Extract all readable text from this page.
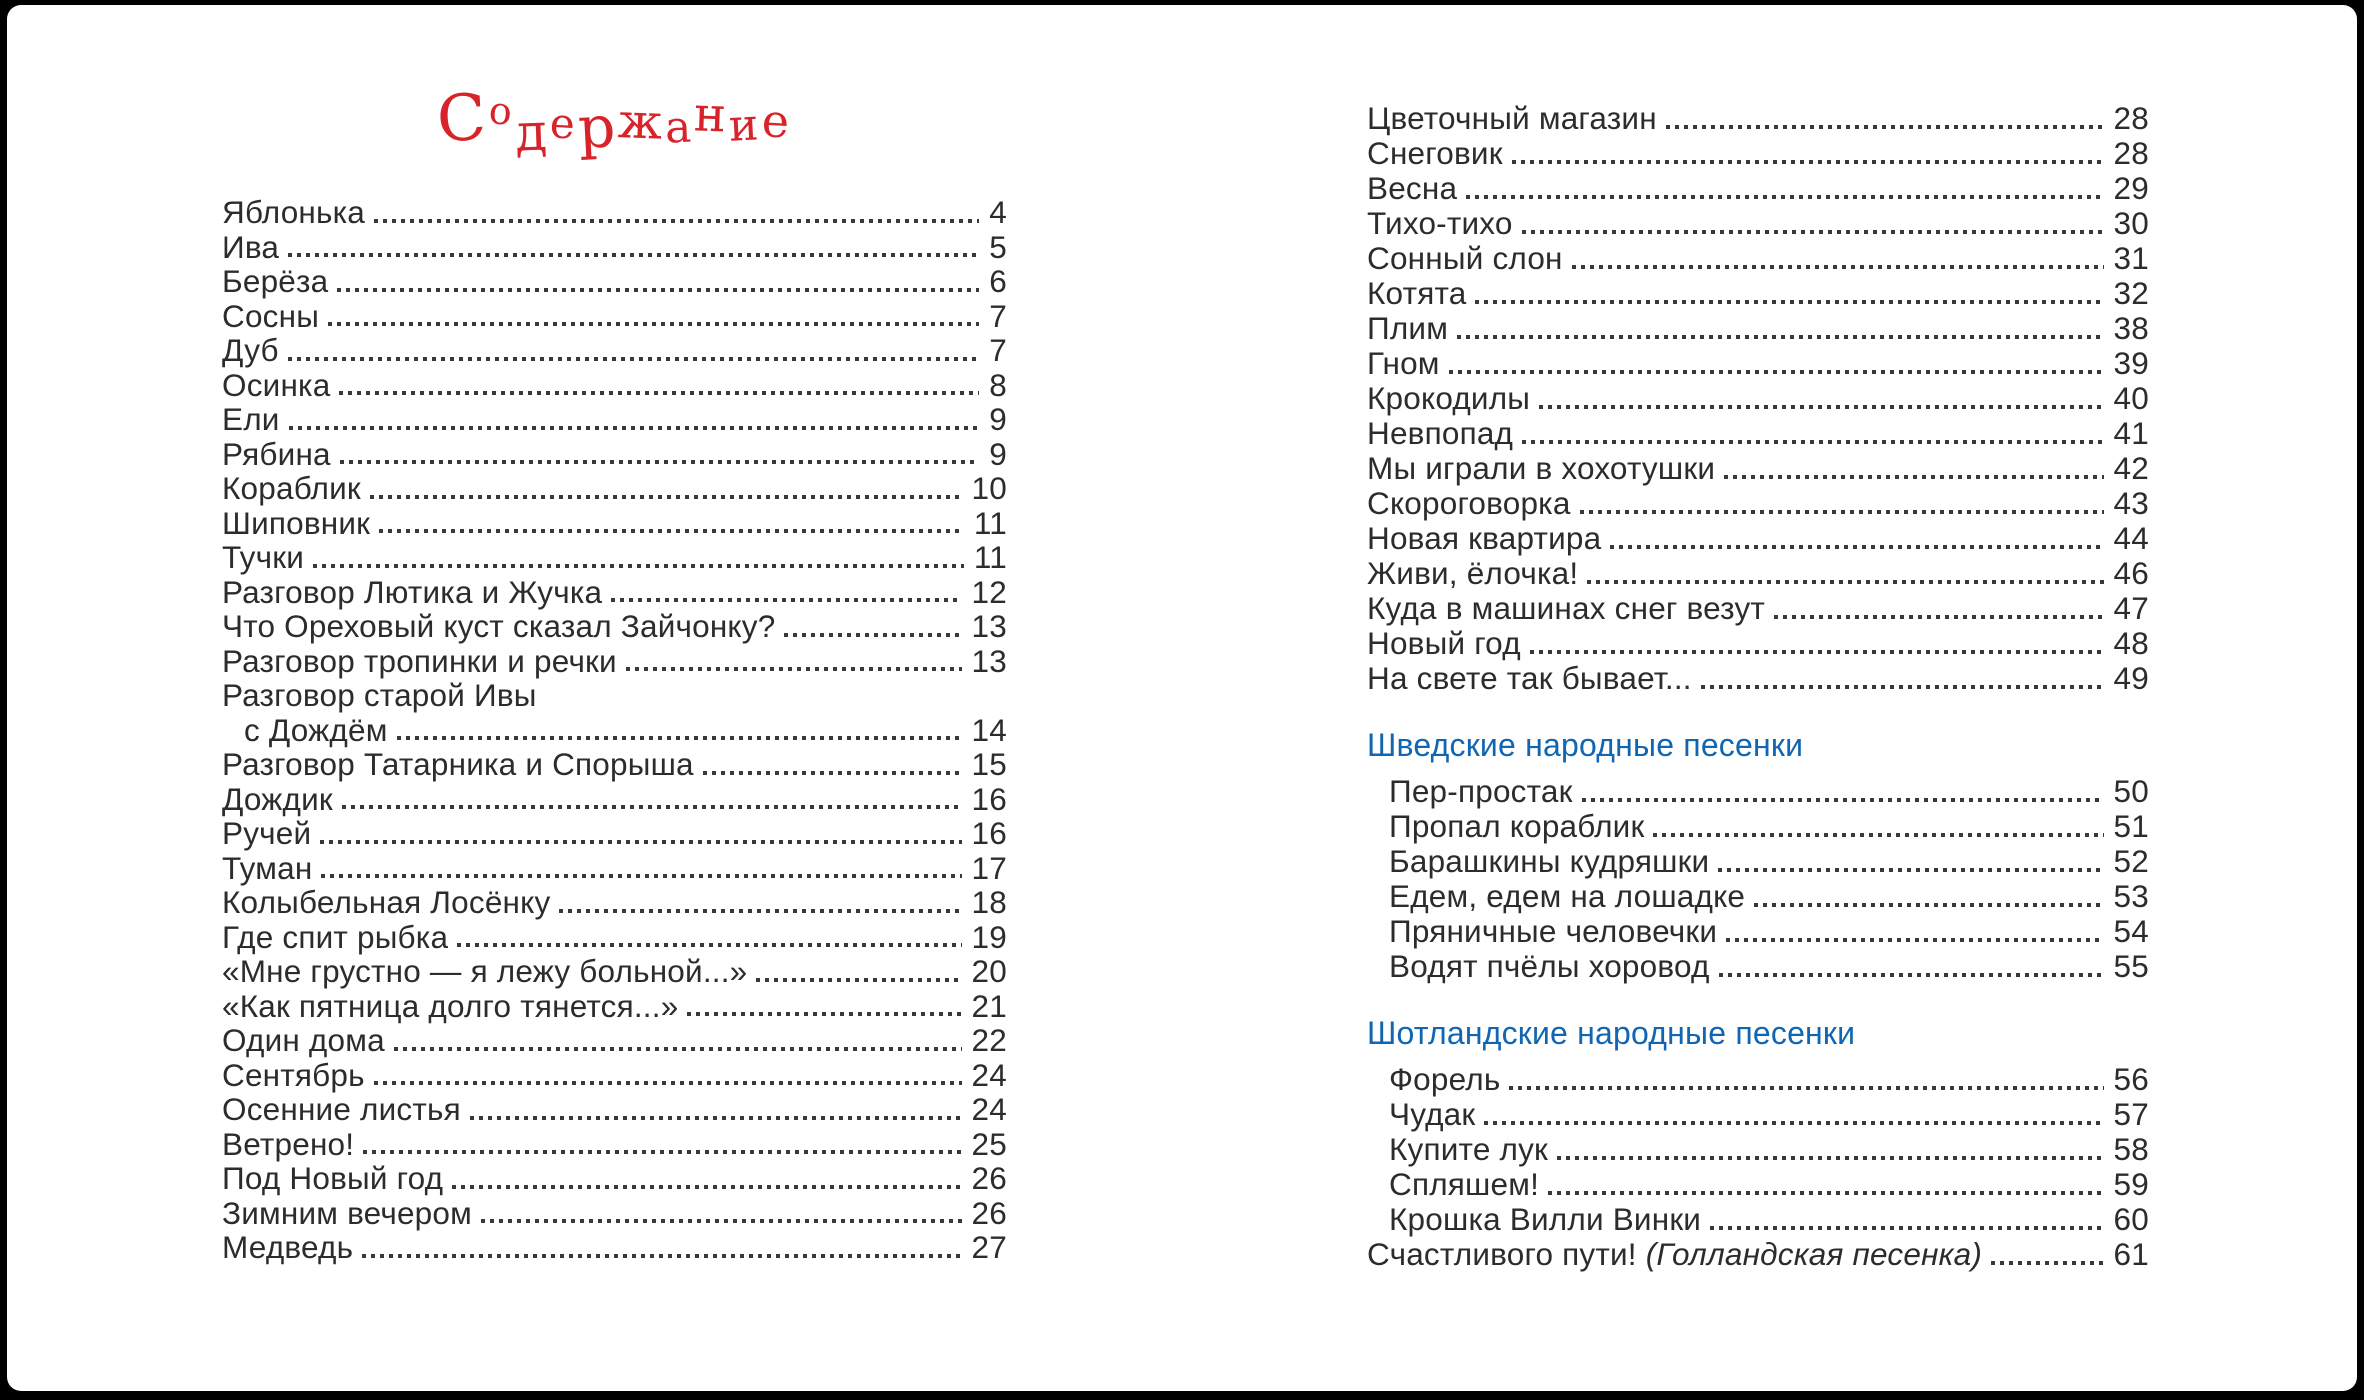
Содержание
Яблонька	4
Ива	5
Берёза	6
Сосны	7
Дуб	7
Осинка	8
Ели	9
Рябина	9
Кораблик	10
Шиповник	11
Тучки	11
Разговор Лютика и Жучка	12
Что Ореховый куст сказал Зайчонку?	13
Разговор тропинки и речки	13
Разговор старой Ивы
с Дождём	14
Разговор Татарника и Спорыша	15
Дождик	16
Ручей	16
Туман	17
Колыбельная Лосёнку	18
Где спит рыбка	19
«Мне грустно — я лежу больной...»	20
«Как пятница долго тянется...»	21
Один дома	22
Сентябрь	24
Осенние листья	24
Ветрено!	25
Под Новый год	26
Зимним вечером	26
Медведь	27
Цветочный магазин	28
Снеговик	28
Весна	29
Тихо-тихо	30
Сонный слон	31
Котята	32
Плим	38
Гном	39
Крокодилы	40
Невпопад	41
Мы играли в хохотушки	42
Скороговорка	43
Новая квартира	44
Живи, ёлочка!	46
Куда в машинах снег везут	47
Новый год	48
На свете так бывает...	49
Шведские народные песенки
Пер-простак	50
Пропал кораблик	51
Барашкины кудряшки	52
Едем, едем на лошадке	53
Пряничные человечки	54
Водят пчёлы хоровод	55
Шотландские народные песенки
Форель	56
Чудак	57
Купите лук	58
Спляшем!	59
Крошка Вилли Винки	60
Счастливого пути! (Голландская песенка)	61
